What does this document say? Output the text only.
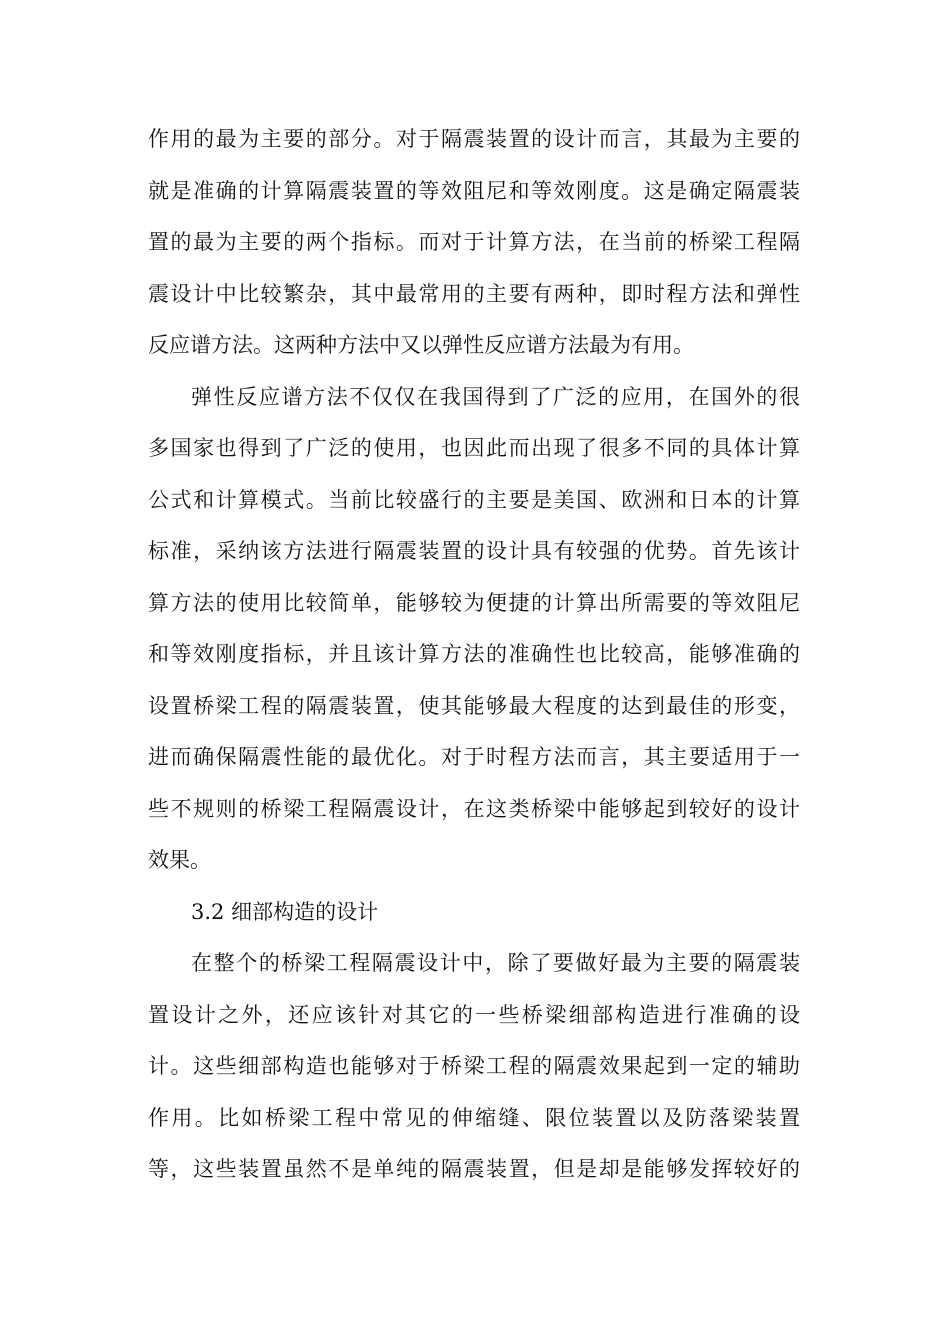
作用的最为主要的部分。对于隔震装置的设计而言，其最为主要的
就是准确的计算隔震装置的等效阻尼和等效刚度。这是确定隔震装
置的最为主要的两个指标。而对于计算方法，在当前的桥梁工程隔
震设计中比较繁杂，其中最常用的主要有两种，即时程方法和弹性
反应谱方法。这两种方法中又以弹性反应谱方法最为有用。
弹性反应谱方法不仅仅在我国得到了广泛的应用，在国外的很
多国家也得到了广泛的使用，也因此而出现了很多不同的具体计算
公式和计算模式。当前比较盛行的主要是美国、欧洲和日本的计算
标准，采纳该方法进行隔震装置的设计具有较强的优势。首先该计
算方法的使用比较简单，能够较为便捷的计算出所需要的等效阻尼
和等效刚度指标，并且该计算方法的准确性也比较高，能够准确的
设置桥梁工程的隔震装置，使其能够最大程度的达到最佳的形变，
进而确保隔震性能的最优化。对于时程方法而言，其主要适用于一
些不规则的桥梁工程隔震设计，在这类桥梁中能够起到较好的设计
效果。
3.2 细部构造的设计
在整个的桥梁工程隔震设计中，除了要做好最为主要的隔震装
置设计之外，还应该针对其它的一些桥梁细部构造进行准确的设
计。这些细部构造也能够对于桥梁工程的隔震效果起到一定的辅助
作用。比如桥梁工程中常见的伸缩缝、限位装置以及防落梁装置
等，这些装置虽然不是单纯的隔震装置，但是却是能够发挥较好的
